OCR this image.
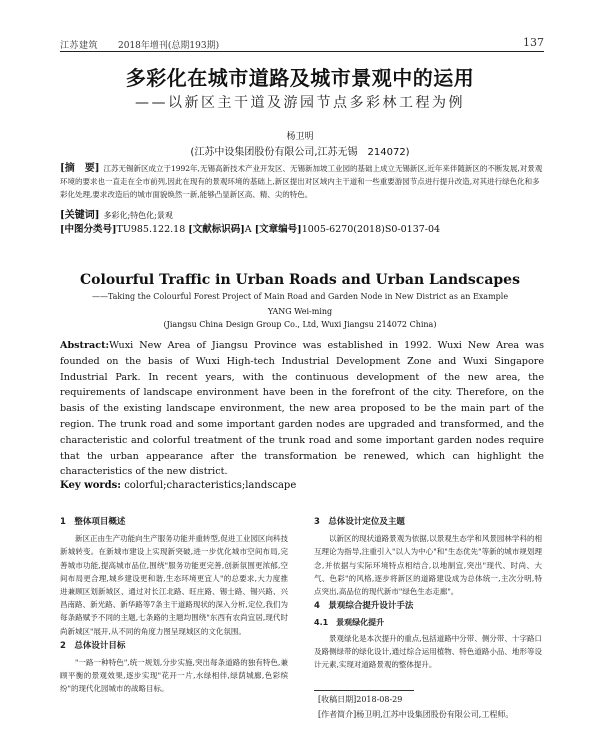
江苏建筑 2018年增刊(总期193期)	137
多彩化在城市道路及城市景观中的运用
——以新区主干道及游园节点多彩林工程为例
杨卫明
(江苏中设集团股份有限公司,江苏无锡　214072)
[摘　要] 江苏无锡新区成立于1992年,无锡高新技术产业开发区、无锡新加坡工业园的基础上成立无锡新区,近年来伴随新区的不断发展,对景观环境的要求也一直走在全市前列,因此在现有的景观环境的基础上,新区提出对区域内主干道和一些重要游园节点进行提升改造,对其进行绿色化和多彩化处理,要求改造后的城市面貌焕然一新,能够凸显新区高、精、尖的特色。
[关键词] 多彩化;特色化;景观
[中图分类号]TU985.122.18 [文献标识码]A [文章编号]1005-6270(2018)S0-0137-04
Colourful Traffic in Urban Roads and Urban Landscapes
——Taking the Colourful Forest Project of Main Road and Garden Node in New District as an Example
YANG Wei-ming
(Jiangsu China Design Group Co., Ltd, Wuxi Jiangsu 214072 China)
Abstract:Wuxi New Area of Jiangsu Province was established in 1992. Wuxi New Area was founded on the basis of Wuxi High-tech Industrial Development Zone and Wuxi Singapore Industrial Park. In recent years, with the continuous development of the new area, the requirements of landscape environment have been in the forefront of the city. Therefore, on the basis of the existing landscape environment, the new area proposed to be the main part of the region. The trunk road and some important garden nodes are upgraded and transformed, and the characteristic and colorful treatment of the trunk road and some important garden nodes require that the urban appearance after the transformation be renewed, which can highlight the characteristics of the new district.
Key words: colorful;characteristics;landscape
1　整体项目概述

新区正由生产功能向生产服务功能并重转型,促进工业园区向科技新城转变。在新城市建设上实现新突破,进一步优化城市空间布局,完善城市功能,提高城市品位,围绕"服务功能更完善,创新氛围更浓郁,空间布局更合理,城乡建设更和谐,生态环境更宜人"的总要求,大力度推进兼顾区划新城区、通过对长江北路、旺庄路、锡士路、锡兴路、兴昌南路、新光路、新华路等7条主干道路现状的深入分析,定位,我们为每条路赋予不同的主题,七条路的主题均围绕"东西有农尚宜居,现代时尚新城区"展开,从不同的角度力图呈现城区的文化氛围。

2　总体设计目标

"一路一种特色",统一规划,分步实施,突出每条道路的独有特色,兼顾平衡的景观效果,逐步实现"花开一片,水绿相伴,绿荫城廊,色彩缤纷"的现代化园城市的战略目标。

3　总体设计定位及主题

以新区的现状道路景观为依据,以景观生态学和风景园林学科的相互理论为指导,注重引入"以人为中心"和"生态优先"等新的城市规划理念,并依据与实际环境特点相结合,以地制宜,突出"现代、时尚、大气、色彩"的风格,逐步将新区的道路建设成为总体统一,主次分明,特点突出,高品位的现代新市"绿色生态走廊"。

4　景观综合提升设计手法
4.1　景观绿化提升

景观绿化是本次提升的重点,包括道路中分带、侧分带、十字路口及路侧绿带的绿化设计,通过综合运用植物、特色道路小品、地形等设计元素,实现对道路景观的整体提升。

[收稿日期]2018-08-29
[作者简介]杨卫明,江苏中设集团股份有限公司,工程师。
